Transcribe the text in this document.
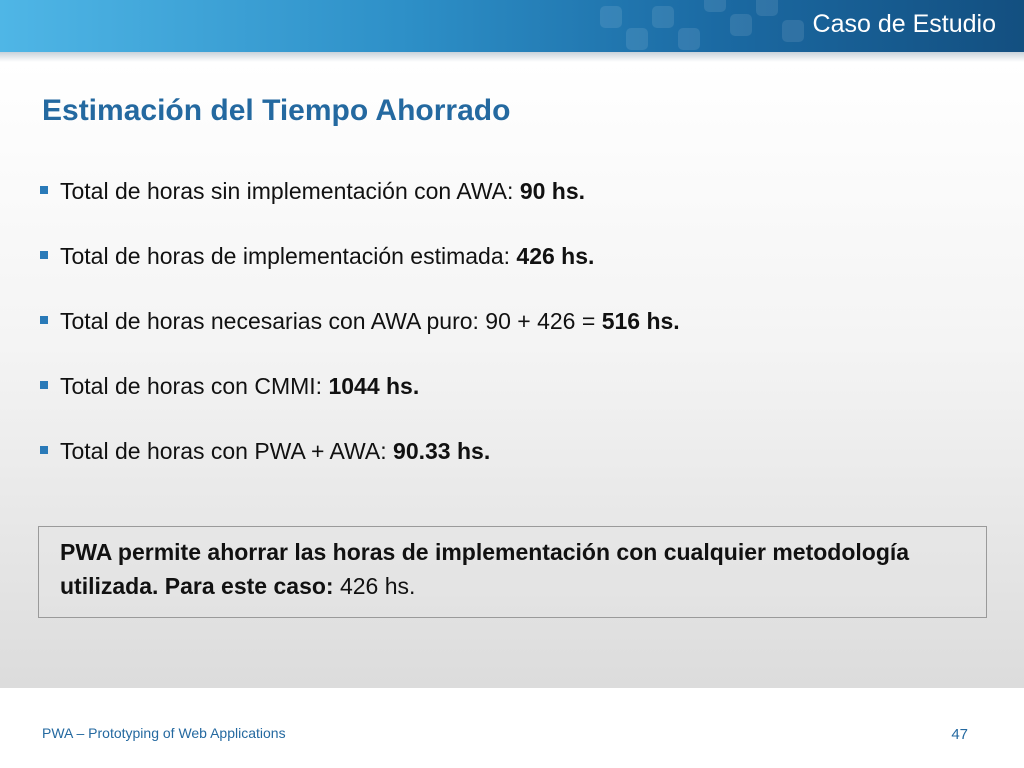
Caso de Estudio
Estimación del Tiempo Ahorrado
Total de horas sin implementación con AWA: 90 hs.
Total de horas de implementación estimada: 426 hs.
Total de horas necesarias con AWA puro: 90 + 426 = 516 hs.
Total de horas con CMMI: 1044 hs.
Total de horas con PWA + AWA: 90.33 hs.
PWA permite ahorrar las horas de implementación con cualquier metodología utilizada. Para este caso: 426 hs.
PWA – Prototyping of Web Applications	47
